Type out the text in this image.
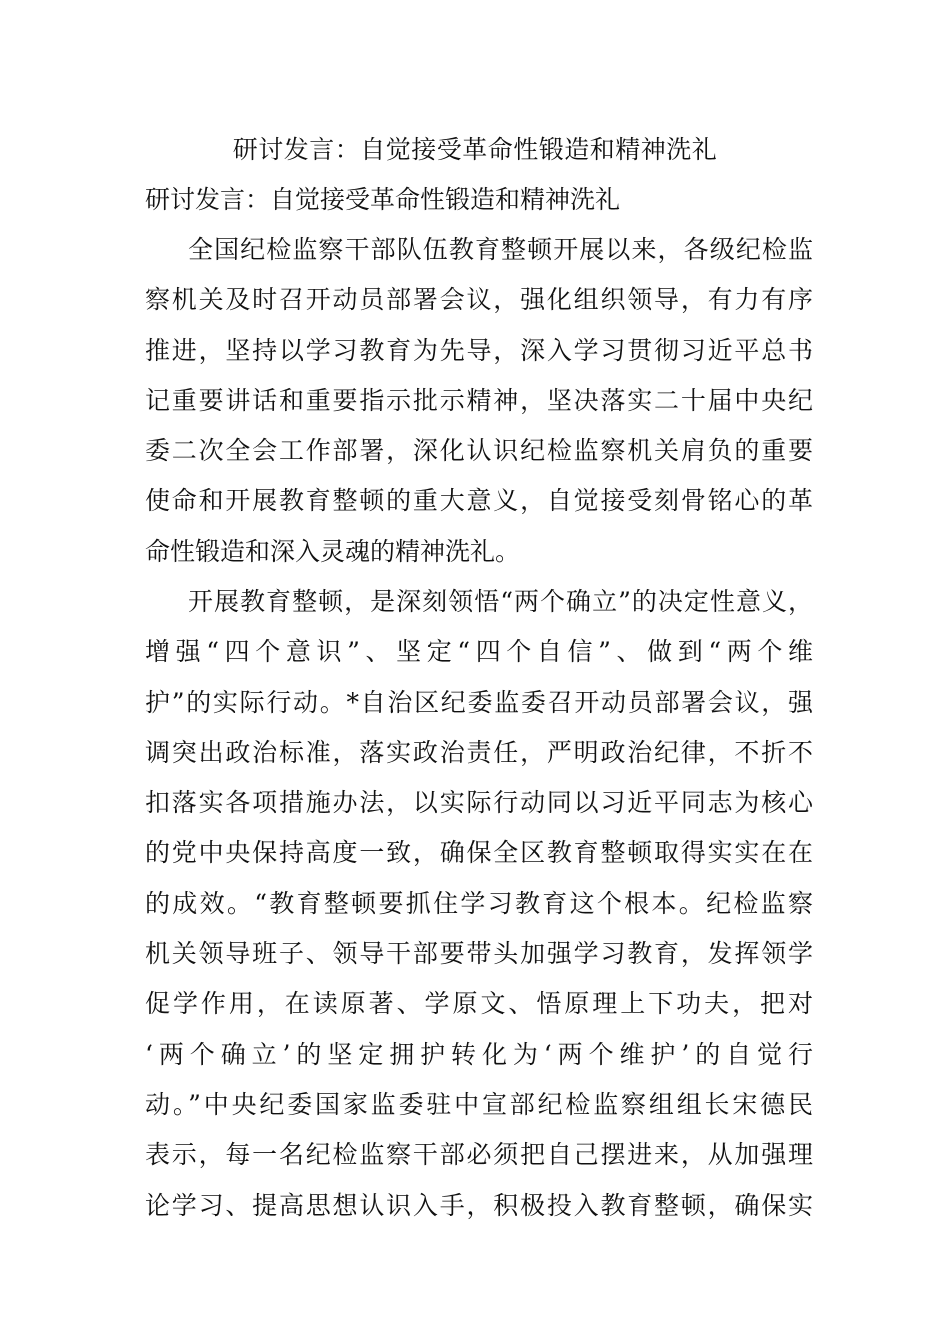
研讨发言：自觉接受革命性锻造和精神洗礼
研讨发言：自觉接受革命性锻造和精神洗礼
全国纪检监察干部队伍教育整顿开展以来，各级纪检监
察机关及时召开动员部署会议，强化组织领导，有力有序
推进，坚持以学习教育为先导，深入学习贯彻习近平总书
记重要讲话和重要指示批示精神，坚决落实二十届中央纪
委二次全会工作部署，深化认识纪检监察机关肩负的重要
使命和开展教育整顿的重大意义，自觉接受刻骨铭心的革
命性锻造和深入灵魂的精神洗礼。
开展教育整顿，是深刻领悟“两个确立”的决定性意义，
增强“四个意识”、坚定“四个自信”、做到“两个维
护”的实际行动。*自治区纪委监委召开动员部署会议，强
调突出政治标准，落实政治责任，严明政治纪律，不折不
扣落实各项措施办法，以实际行动同以习近平同志为核心
的党中央保持高度一致，确保全区教育整顿取得实实在在
的成效。“教育整顿要抓住学习教育这个根本。纪检监察
机关领导班子、领导干部要带头加强学习教育，发挥领学
促学作用，在读原著、学原文、悟原理上下功夫，把对
‘两个确立’的坚定拥护转化为‘两个维护’的自觉行
动。”中央纪委国家监委驻中宣部纪检监察组组长宋德民
表示，每一名纪检监察干部必须把自己摆进来，从加强理
论学习、提高思想认识入手，积极投入教育整顿，确保实
